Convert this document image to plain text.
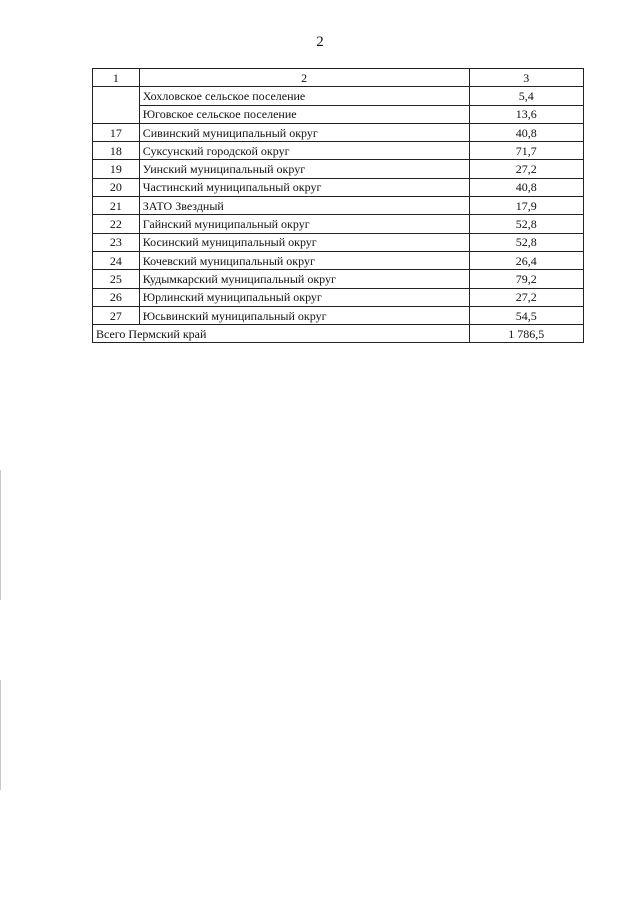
2
1	2	3
	Хохловское сельское поселение	5,4
	Юговское сельское поселение	13,6
17	Сивинский муниципальный округ	40,8
18	Суксунский городской округ	71,7
19	Уинский муниципальный округ	27,2
20	Частинский муниципальный округ	40,8
21	ЗАТО Звездный	17,9
22	Гайнский муниципальный округ	52,8
23	Косинский муниципальный округ	52,8
24	Кочевский муниципальный округ	26,4
25	Кудымкарский муниципальный округ	79,2
26	Юрлинский муниципальный округ	27,2
27	Юсьвинский муниципальный округ	54,5
Всего Пермский край		1 786,5
